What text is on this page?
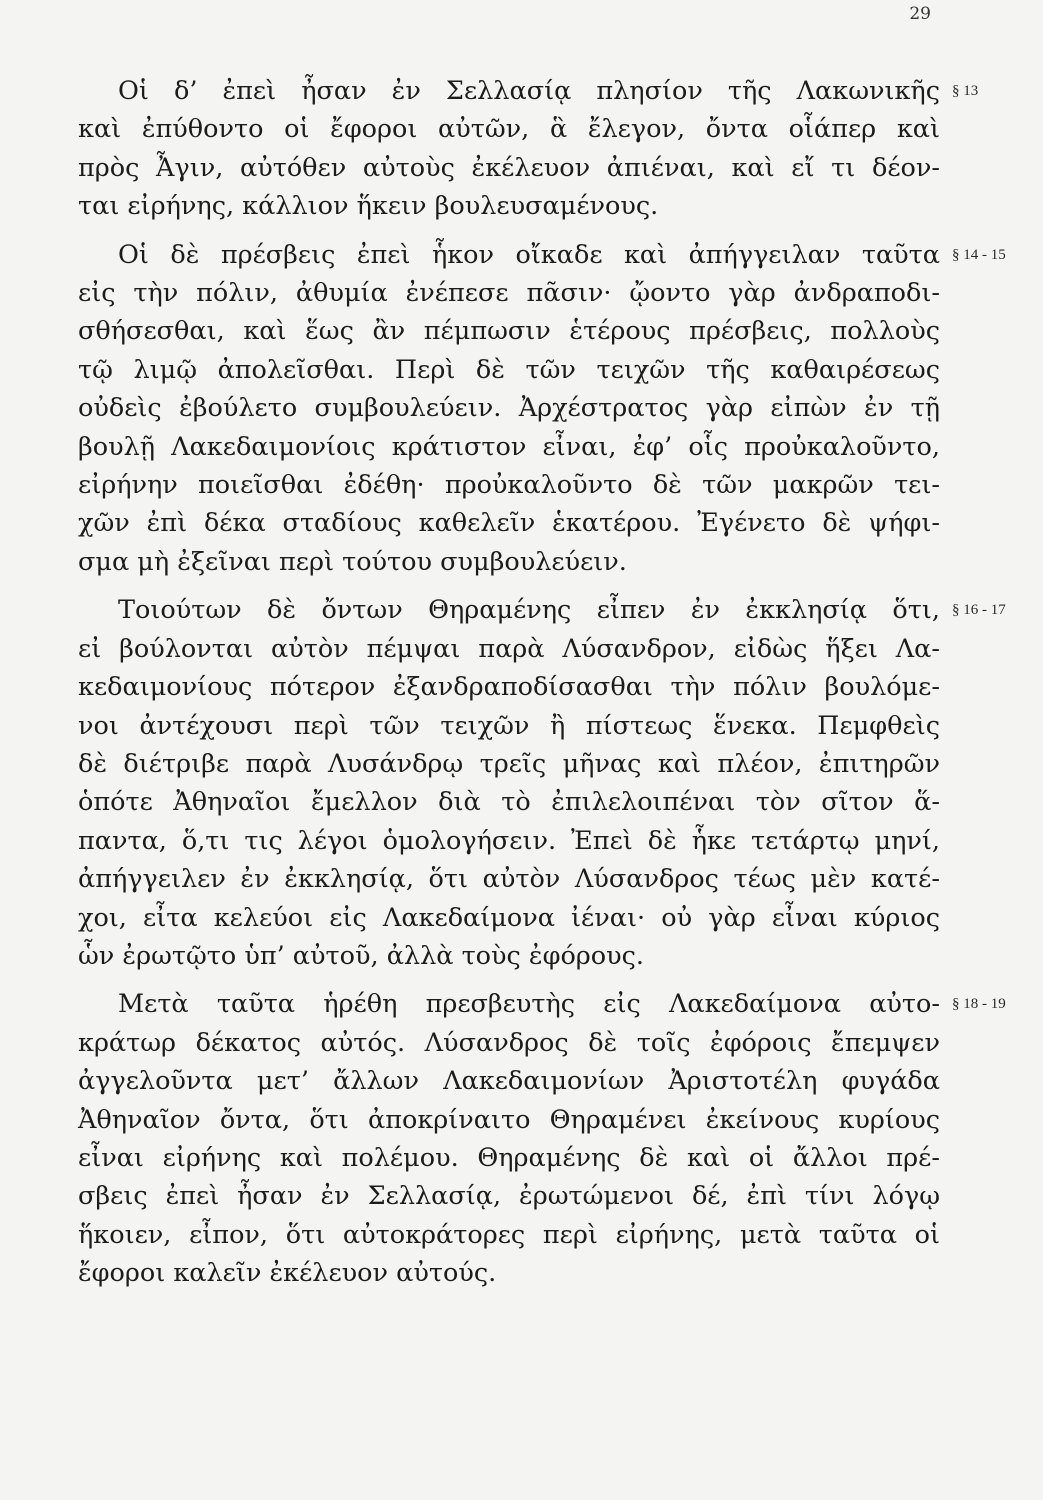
29
§ 13
Οἱ δ’ ἐπεὶ ἦσαν ἐν Σελλασίᾳ πλησίον τῆς Λακωνικῆς
καὶ ἐπύθοντο οἱ ἔφοροι αὐτῶν, ἃ ἔλεγον, ὄντα οἷάπερ καὶ
πρὸς Ἆγιν, αὐτόθεν αὐτοὺς ἐκέλευον ἀπιέναι, καὶ εἴ τι δέον-
ται εἰρήνης, κάλλιον ἥκειν βουλευσαμένους.
§ 14 - 15
Οἱ δὲ πρέσβεις ἐπεὶ ἧκον οἴκαδε καὶ ἀπήγγειλαν ταῦτα
εἰς τὴν πόλιν, ἀθυμία ἐνέπεσε πᾶσιν· ᾤοντο γὰρ ἀνδραποδι-
σθήσεσθαι, καὶ ἕως ἂν πέμπωσιν ἑτέρους πρέσβεις, πολλοὺς
τῷ λιμῷ ἀπολεῖσθαι. Περὶ δὲ τῶν τειχῶν τῆς καθαιρέσεως
οὐδεὶς ἐβούλετο συμβουλεύειν. Ἀρχέστρατος γὰρ εἰπὼν ἐν τῇ
βουλῇ Λακεδαιμονίοις κράτιστον εἶναι, ἐφ’ οἷς προὐκαλοῦντο,
εἰρήνην ποιεῖσθαι ἐδέθη· προὐκαλοῦντο δὲ τῶν μακρῶν τει-
χῶν ἐπὶ δέκα σταδίους καθελεῖν ἑκατέρου. Ἐγένετο δὲ ψήφι-
σμα μὴ ἐξεῖναι περὶ τούτου συμβουλεύειν.
§ 16 - 17
Τοιούτων δὲ ὄντων Θηραμένης εἶπεν ἐν ἐκκλησίᾳ ὅτι,
εἰ βούλονται αὐτὸν πέμψαι παρὰ Λύσανδρον, εἰδὼς ἥξει Λα-
κεδαιμονίους πότερον ἐξανδραποδίσασθαι τὴν πόλιν βουλόμε-
νοι ἀντέχουσι περὶ τῶν τειχῶν ἢ πίστεως ἕνεκα. Πεμφθεὶς
δὲ διέτριβε παρὰ Λυσάνδρῳ τρεῖς μῆνας καὶ πλέον, ἐπιτηρῶν
ὁπότε Ἀθηναῖοι ἔμελλον διὰ τὸ ἐπιλελοιπέναι τὸν σῖτον ἅ-
παντα, ὅ,τι τις λέγοι ὁμολογήσειν. Ἐπεὶ δὲ ἧκε τετάρτῳ μηνί,
ἀπήγγειλεν ἐν ἐκκλησίᾳ, ὅτι αὐτὸν Λύσανδρος τέως μὲν κατέ-
χοι, εἶτα κελεύοι εἰς Λακεδαίμονα ἰέναι· οὐ γὰρ εἶναι κύριος
ὧν ἐρωτῷτο ὑπ’ αὐτοῦ, ἀλλὰ τοὺς ἐφόρους.
§ 18 - 19
Μετὰ ταῦτα ἡρέθη πρεσβευτὴς εἰς Λακεδαίμονα αὐτο-
κράτωρ δέκατος αὐτός. Λύσανδρος δὲ τοῖς ἐφόροις ἔπεμψεν
ἀγγελοῦντα μετ’ ἄλλων Λακεδαιμονίων Ἀριστοτέλη φυγάδα
Ἀθηναῖον ὄντα, ὅτι ἀποκρίναιτο Θηραμένει ἐκείνους κυρίους
εἶναι εἰρήνης καὶ πολέμου. Θηραμένης δὲ καὶ οἱ ἄλλοι πρέ-
σβεις ἐπεὶ ἦσαν ἐν Σελλασίᾳ, ἐρωτώμενοι δέ, ἐπὶ τίνι λόγῳ
ἥκοιεν, εἶπον, ὅτι αὐτοκράτορες περὶ εἰρήνης, μετὰ ταῦτα οἱ
ἔφοροι καλεῖν ἐκέλευον αὐτούς.
